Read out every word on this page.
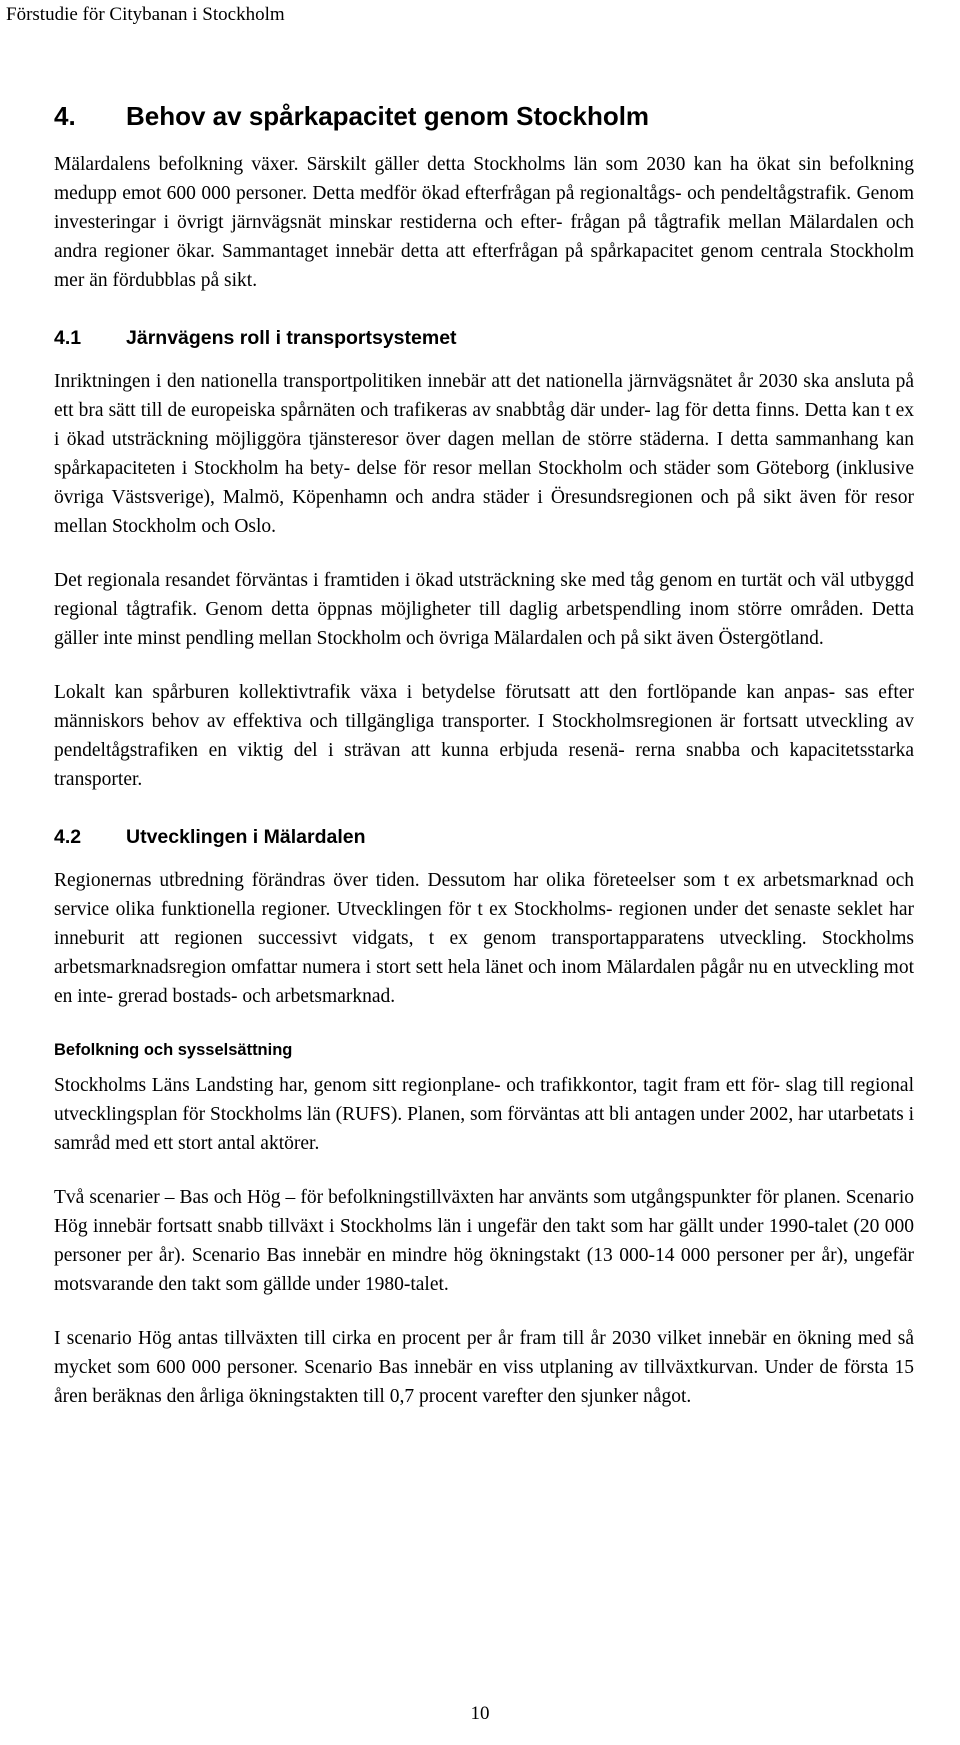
Förstudie för Citybanan i Stockholm
4. Behov av spårkapacitet genom Stockholm

Mälardalens befolkning växer. Särskilt gäller detta Stockholms län som 2030 kan ha ökat sin befolkning medupp emot 600 000 personer. Detta medför ökad efterfrågan på regionaltågs- och pendeltågstrafik. Genom investeringar i övrigt järnvägsnät minskar restiderna och efter- frågan på tågtrafik mellan Mälardalen och andra regioner ökar. Sammantaget innebär detta att efterfrågan på spårkapacitet genom centrala Stockholm mer än fördubblas på sikt.

4.1 Järnvägens roll i transportsystemet

Inriktningen i den nationella transportpolitiken innebär att det nationella järnvägsnätet år 2030 ska ansluta på ett bra sätt till de europeiska spårnäten och trafikeras av snabbtåg där under- lag för detta finns. Detta kan t ex i ökad utsträckning möjliggöra tjänsteresor över dagen mellan de större städerna. I detta sammanhang kan spårkapaciteten i Stockholm ha bety- delse för resor mellan Stockholm och städer som Göteborg (inklusive övriga Västsverige), Malmö, Köpenhamn och andra städer i Öresundsregionen och på sikt även för resor mellan Stockholm och Oslo.

Det regionala resandet förväntas i framtiden i ökad utsträckning ske med tåg genom en turtät och väl utbyggd regional tågtrafik. Genom detta öppnas möjligheter till daglig arbetspendling inom större områden. Detta gäller inte minst pendling mellan Stockholm och övriga Mälardalen och på sikt även Östergötland.

Lokalt kan spårburen kollektivtrafik växa i betydelse förutsatt att den fortlöpande kan anpas- sas efter människors behov av effektiva och tillgängliga transporter. I Stockholmsregionen är fortsatt utveckling av pendeltågstrafiken en viktig del i strävan att kunna erbjuda resenä- rerna snabba och kapacitetsstarka transporter.

4.2 Utvecklingen i Mälardalen

Regionernas utbredning förändras över tiden. Dessutom har olika företeelser som t ex arbetsmarknad och service olika funktionella regioner. Utvecklingen för t ex Stockholms- regionen under det senaste seklet har inneburit att regionen successivt vidgats, t ex genom transportapparatens utveckling. Stockholms arbetsmarknadsregion omfattar numera i stort sett hela länet och inom Mälardalen pågår nu en utveckling mot en inte- grerad bostads- och arbetsmarknad.

Befolkning och sysselsättning

Stockholms Läns Landsting har, genom sitt regionplane- och trafikkontor, tagit fram ett för- slag till regional utvecklingsplan för Stockholms län (RUFS). Planen, som förväntas att bli antagen under 2002, har utarbetats i samråd med ett stort antal aktörer.

Två scenarier – Bas och Hög – för befolkningstillväxten har använts som utgångspunkter för planen. Scenario Hög innebär fortsatt snabb tillväxt i Stockholms län i ungefär den takt som har gällt under 1990-talet (20 000 personer per år). Scenario Bas innebär en mindre hög ökningstakt (13 000-14 000 personer per år), ungefär motsvarande den takt som gällde under 1980-talet.

I scenario Hög antas tillväxten till cirka en procent per år fram till år 2030 vilket innebär en ökning med så mycket som 600 000 personer. Scenario Bas innebär en viss utplaning av tillväxtkurvan. Under de första 15 åren beräknas den årliga ökningstakten till 0,7 procent varefter den sjunker något.

10
